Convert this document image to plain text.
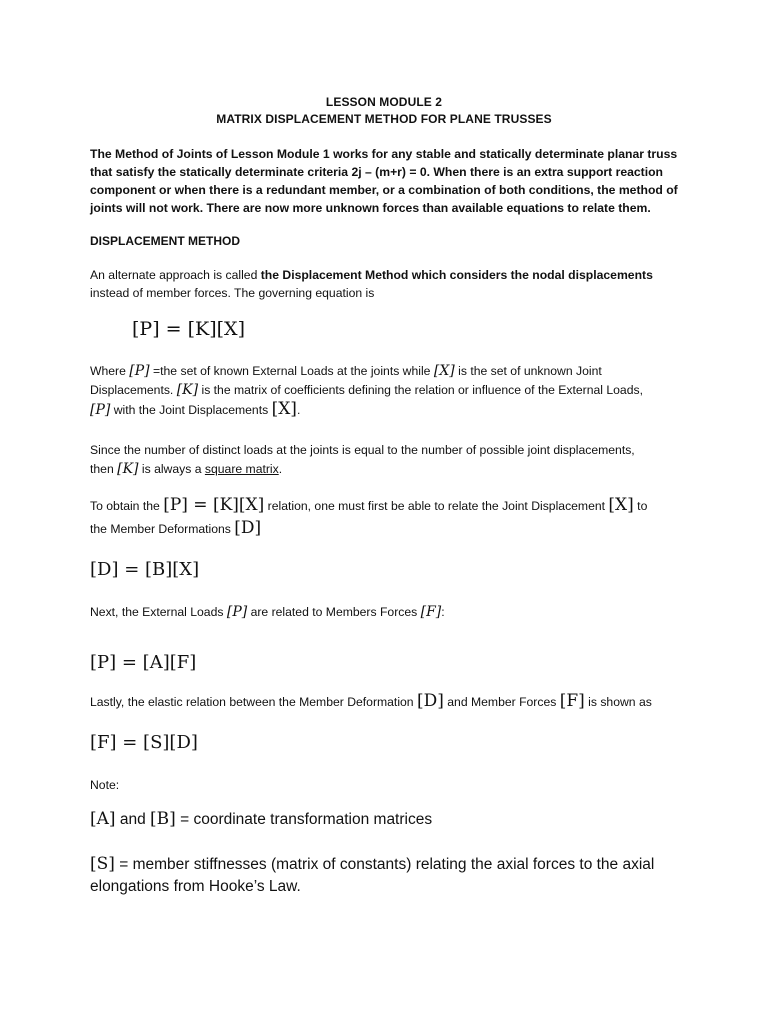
LESSON MODULE 2
MATRIX DISPLACEMENT METHOD FOR PLANE TRUSSES
The Method of Joints of Lesson Module 1 works for any stable and statically determinate planar truss
that satisfy the statically determinate criteria 2j – (m+r) = 0. When there is an extra support reaction
component or when there is a redundant member, or a combination of both conditions, the method of
joints will not work. There are now more unknown forces than available equations to relate them.
DISPLACEMENT METHOD
An alternate approach is called the Displacement Method which considers the nodal displacements
instead of member forces. The governing equation is
[P] = [K][X]
Where [P] =the set of known External Loads at the joints while [X] is the set of unknown Joint
Displacements. [K] is the matrix of coefficients defining the relation or influence of the External Loads,
[P] with the Joint Displacements [X].
Since the number of distinct loads at the joints is equal to the number of possible joint displacements,
then [K] is always a square matrix.
To obtain the [P] = [K][X] relation, one must first be able to relate the Joint Displacement [X] to
the Member Deformations [D]
[D] = [B][X]
Next, the External Loads [P] are related to Members Forces [F]:
[P] = [A][F]
Lastly, the elastic relation between the Member Deformation [D] and Member Forces [F] is shown as
[F] = [S][D]
Note:
[A] and [B] = coordinate transformation matrices
[S] = member stiffnesses (matrix of constants) relating the axial forces to the axial
elongations from Hooke’s Law.
